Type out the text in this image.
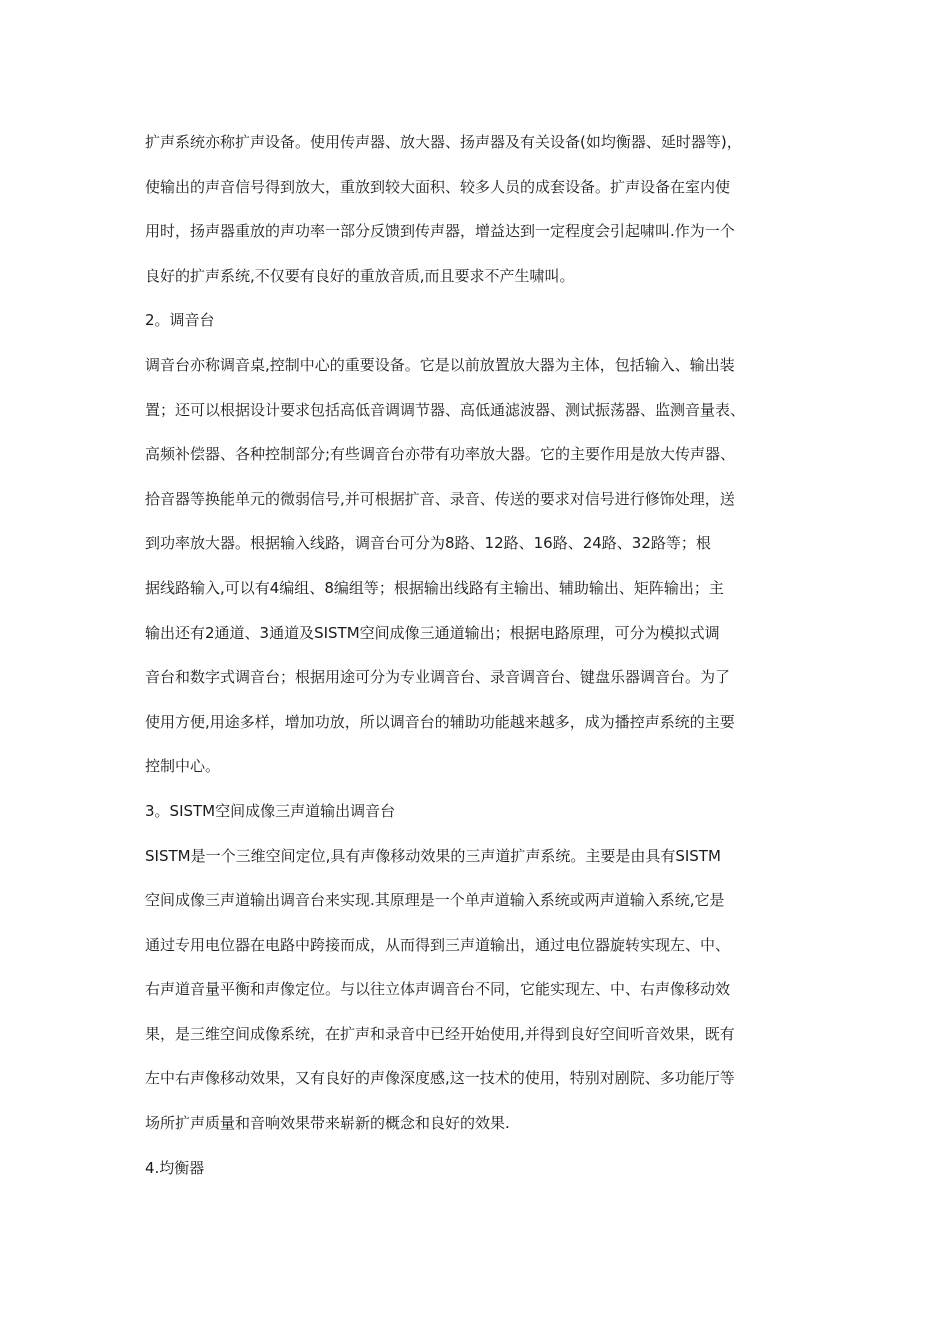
扩声系统亦称扩声设备。使用传声器、放大器、扬声器及有关设备(如均衡器、延时器等)，
使输出的声音信号得到放大，重放到较大面积、较多人员的成套设备。扩声设备在室内使
用时，扬声器重放的声功率一部分反馈到传声器，增益达到一定程度会引起啸叫.作为一个
良好的扩声系统,不仅要有良好的重放音质,而且要求不产生啸叫。
2。调音台
调音台亦称调音桌,控制中心的重要设备。它是以前放置放大器为主体，包括输入、输出装
置；还可以根据设计要求包括高低音调调节器、高低通滤波器、测试振荡器、监测音量表、
高频补偿器、各种控制部分;有些调音台亦带有功率放大器。它的主要作用是放大传声器、
拾音器等换能单元的微弱信号,并可根据扩音、录音、传送的要求对信号进行修饰处理，送
到功率放大器。根据输入线路，调音台可分为8路、12路、16路、24路、32路等；根
据线路输入,可以有4编组、8编组等；根据输出线路有主输出、辅助输出、矩阵输出；主
输出还有2通道、3通道及SISTM空间成像三通道输出；根据电路原理，可分为模拟式调
音台和数字式调音台；根据用途可分为专业调音台、录音调音台、键盘乐器调音台。为了
使用方便,用途多样，增加功放，所以调音台的辅助功能越来越多，成为播控声系统的主要
控制中心。
3。SISTM空间成像三声道输出调音台
SISTM是一个三维空间定位,具有声像移动效果的三声道扩声系统。主要是由具有SISTM
空间成像三声道输出调音台来实现.其原理是一个单声道输入系统或两声道输入系统,它是
通过专用电位器在电路中跨接而成，从而得到三声道输出，通过电位器旋转实现左、中、
右声道音量平衡和声像定位。与以往立体声调音台不同，它能实现左、中、右声像移动效
果，是三维空间成像系统，在扩声和录音中已经开始使用,并得到良好空间听音效果，既有
左中右声像移动效果，又有良好的声像深度感,这一技术的使用，特别对剧院、多功能厅等
场所扩声质量和音响效果带来崭新的概念和良好的效果.
4.均衡器
